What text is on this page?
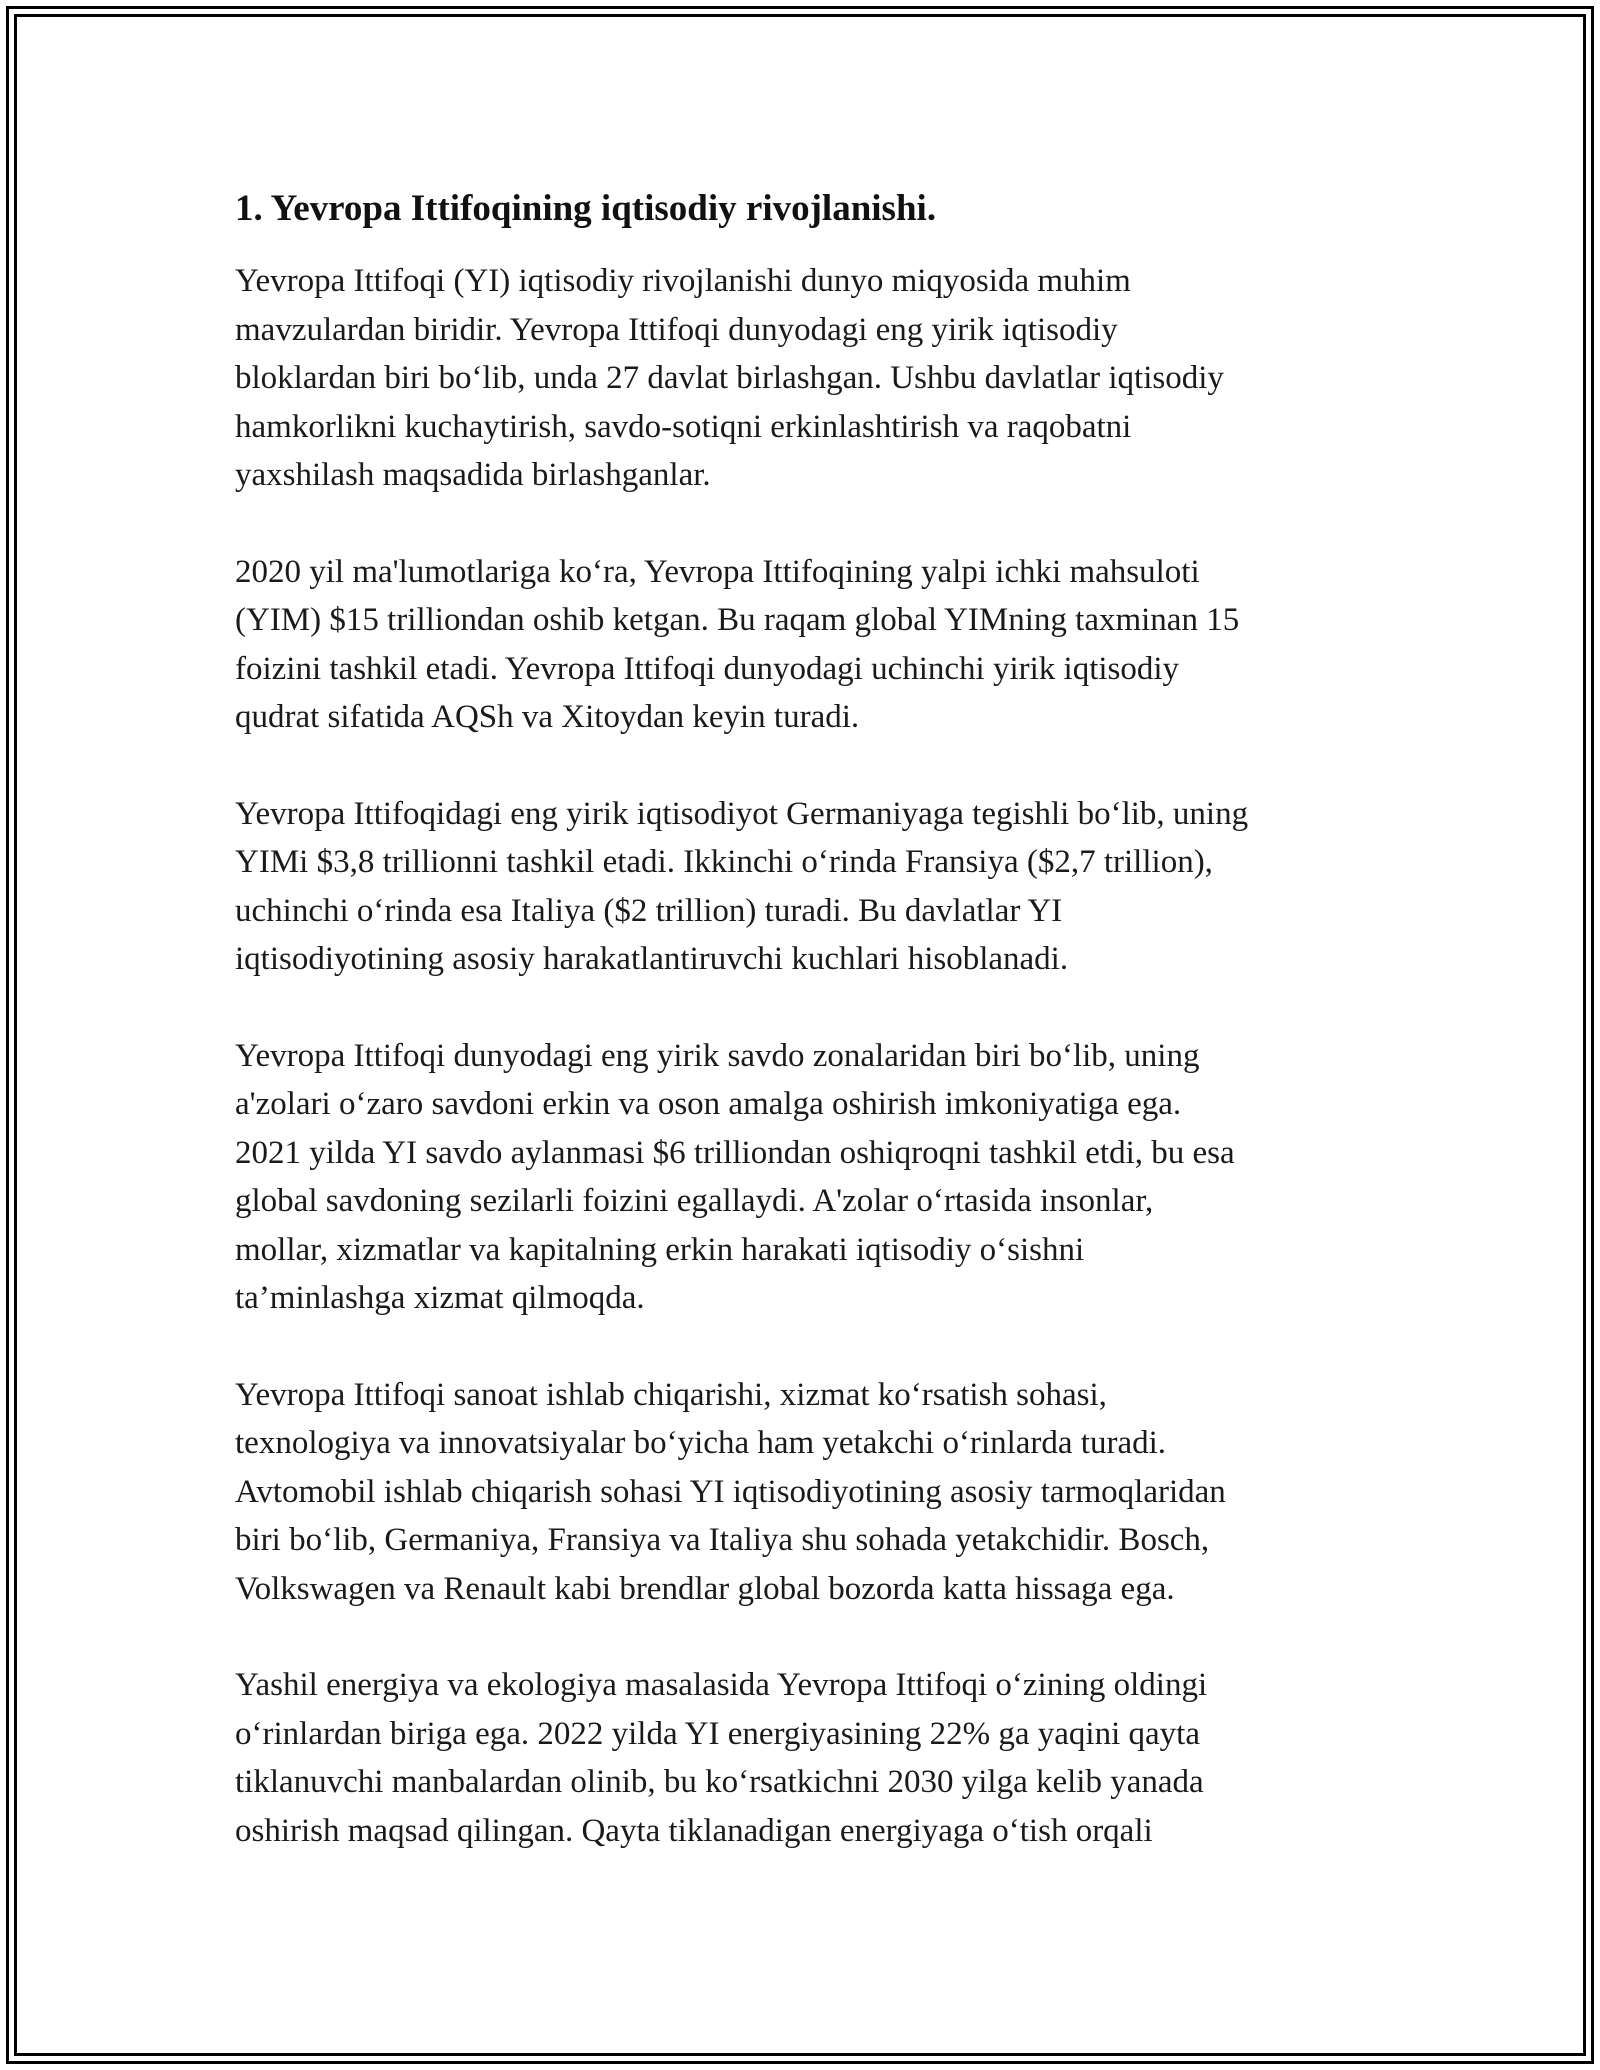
1. Yevropa Ittifoqining iqtisodiy rivojlanishi.

Yevropa Ittifoqi (YI) iqtisodiy rivojlanishi dunyo miqyosida muhim
mavzulardan biridir. Yevropa Ittifoqi dunyodagi eng yirik iqtisodiy
bloklardan biri bo‘lib, unda 27 davlat birlashgan. Ushbu davlatlar iqtisodiy
hamkorlikni kuchaytirish, savdo-sotiqni erkinlashtirish va raqobatni
yaxshilash maqsadida birlashganlar.

2020 yil ma'lumotlariga ko‘ra, Yevropa Ittifoqining yalpi ichki mahsuloti
(YIM) $15 trilliondan oshib ketgan. Bu raqam global YIMning taxminan 15
foizini tashkil etadi. Yevropa Ittifoqi dunyodagi uchinchi yirik iqtisodiy
qudrat sifatida AQSh va Xitoydan keyin turadi.

Yevropa Ittifoqidagi eng yirik iqtisodiyot Germaniyaga tegishli bo‘lib, uning
YIMi $3,8 trillionni tashkil etadi. Ikkinchi o‘rinda Fransiya ($2,7 trillion),
uchinchi o‘rinda esa Italiya ($2 trillion) turadi. Bu davlatlar YI
iqtisodiyotining asosiy harakatlantiruvchi kuchlari hisoblanadi.

Yevropa Ittifoqi dunyodagi eng yirik savdo zonalaridan biri bo‘lib, uning
a'zolari o‘zaro savdoni erkin va oson amalga oshirish imkoniyatiga ega.
2021 yilda YI savdo aylanmasi $6 trilliondan oshiqroqni tashkil etdi, bu esa
global savdoning sezilarli foizini egallaydi. A'zolar o‘rtasida insonlar,
mollar, xizmatlar va kapitalning erkin harakati iqtisodiy o‘sishni
ta’minlashga xizmat qilmoqda.

Yevropa Ittifoqi sanoat ishlab chiqarishi, xizmat ko‘rsatish sohasi,
texnologiya va innovatsiyalar bo‘yicha ham yetakchi o‘rinlarda turadi.
Avtomobil ishlab chiqarish sohasi YI iqtisodiyotining asosiy tarmoqlaridan
biri bo‘lib, Germaniya, Fransiya va Italiya shu sohada yetakchidir. Bosch,
Volkswagen va Renault kabi brendlar global bozorda katta hissaga ega.

Yashil energiya va ekologiya masalasida Yevropa Ittifoqi o‘zining oldingi
o‘rinlardan biriga ega. 2022 yilda YI energiyasining 22% ga yaqini qayta
tiklanuvchi manbalardan olinib, bu ko‘rsatkichni 2030 yilga kelib yanada
oshirish maqsad qilingan. Qayta tiklanadigan energiyaga o‘tish orqali
